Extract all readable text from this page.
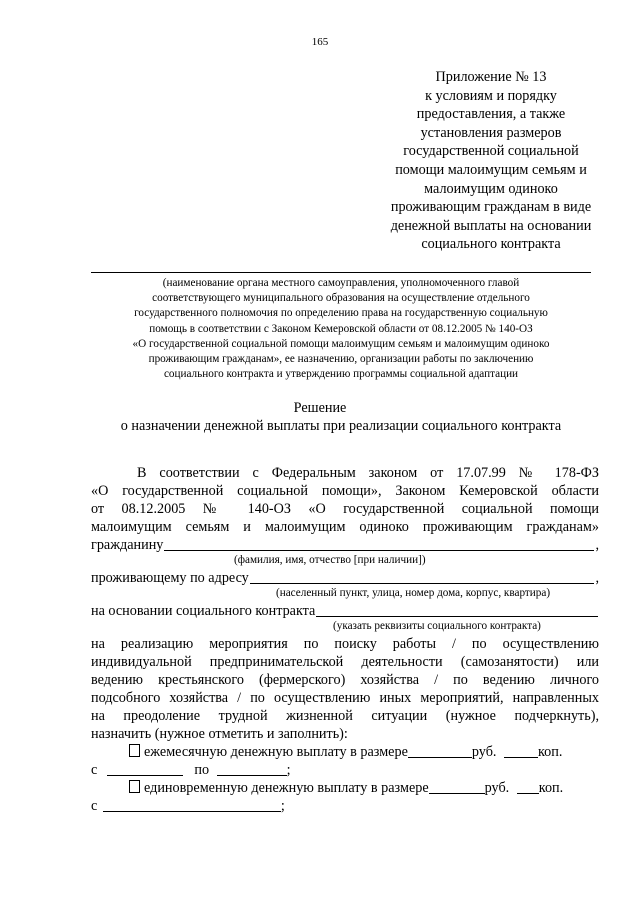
165
Приложение № 13
к условиям и порядку
предоставления, а также
установления размеров
государственной социальной
помощи малоимущим семьям и
малоимущим одиноко
проживающим гражданам в виде
денежной выплаты на основании
социального контракта
(наименование органа местного самоуправления, уполномоченного главой
соответствующего муниципального образования на осуществление отдельного
государственного полномочия по определению права на государственную социальную
помощь в соответствии с Законом Кемеровской области от 08.12.2005 № 140-ОЗ
«О государственной социальной помощи малоимущим семьям и малоимущим одиноко
проживающим гражданам», ее назначению, организации работы по заключению
социального контракта и утверждению программы социальной адаптации
Решение
о назначении денежной выплаты при реализации социального контракта
В соответствии с Федеральным законом от 17.07.99 № 178-ФЗ
«О государственной социальной помощи», Законом Кемеровской области
от 08.12.2005 № 140-ОЗ «О государственной социальной помощи
малоимущим семьям и малоимущим одиноко проживающим гражданам»
гражданину	,
(фамилия, имя, отчество [при наличии])
проживающему по адресу	,
(населенный пункт, улица, номер дома, корпус, квартира)
на основании социального контракта
(указать реквизиты социального контракта)
на реализацию мероприятия по поиску работы / по осуществлению
индивидуальной предпринимательской деятельности (самозанятости) или
ведению крестьянского (фермерского) хозяйства / по ведению личного
подсобного хозяйства / по осуществлению иных мероприятий, направленных
на преодоление трудной жизненной ситуации (нужное подчеркнуть),
назначить (нужное отметить и заполнить):
ежемесячную денежную выплату в размере	руб.	коп.
с	по	;
единовременную денежную выплату в размере	руб. коп.
с	;
